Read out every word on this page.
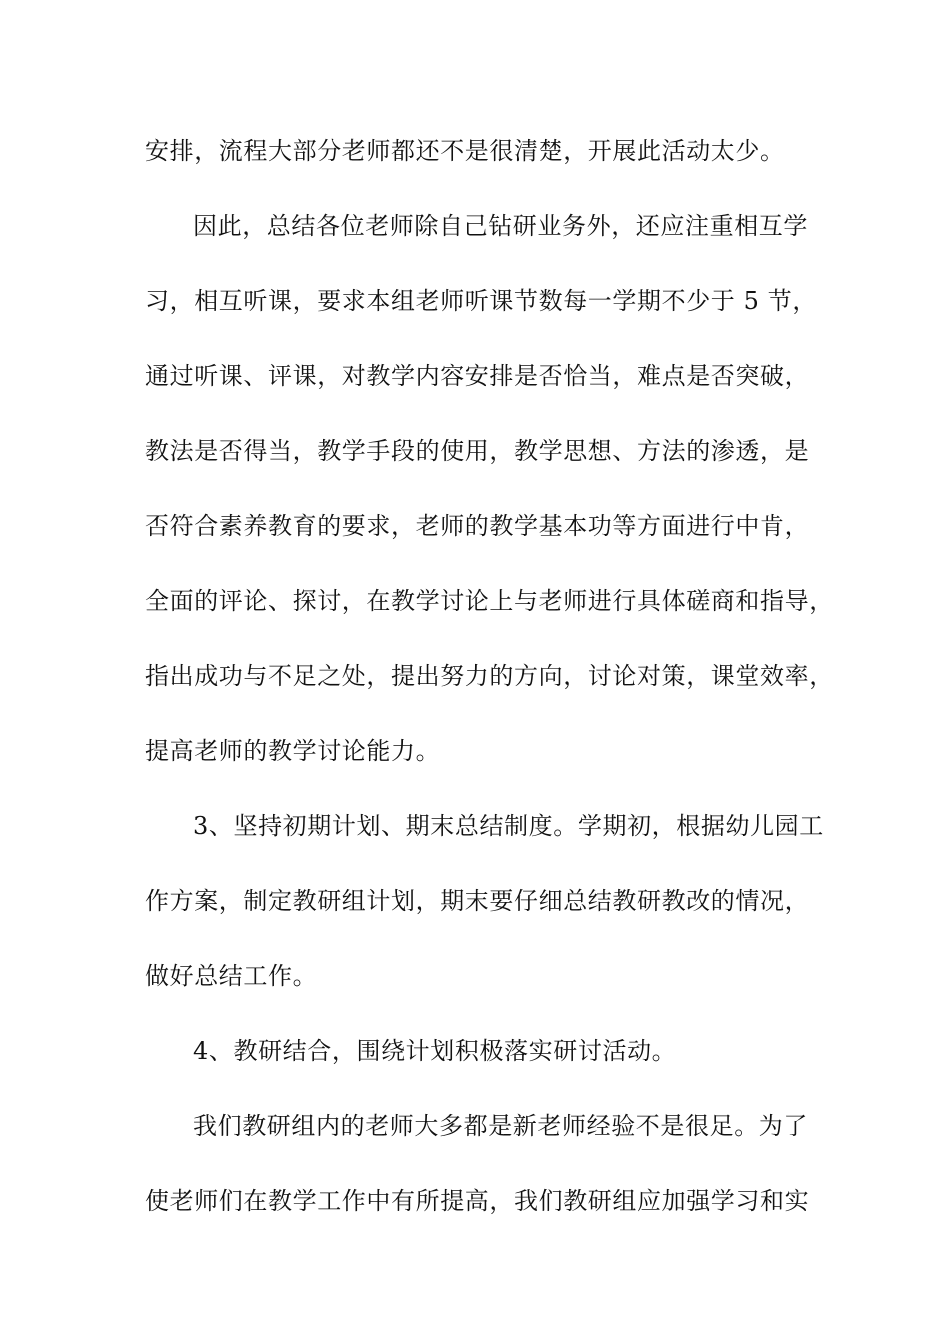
安排，流程大部分老师都还不是很清楚，开展此活动太少。
因此，总结各位老师除自己钻研业务外，还应注重相互学
习，相互听课，要求本组老师听课节数每一学期不少于 5 节，
通过听课、评课，对教学内容安排是否恰当，难点是否突破，
教法是否得当，教学手段的使用，教学思想、方法的渗透，是
否符合素养教育的要求，老师的教学基本功等方面进行中肯，
全面的评论、探讨，在教学讨论上与老师进行具体磋商和指导，
指出成功与不足之处，提出努力的方向，讨论对策，课堂效率，
提高老师的教学讨论能力。
3、坚持初期计划、期末总结制度。学期初，根据幼儿园工
作方案，制定教研组计划，期末要仔细总结教研教改的情况，
做好总结工作。
4、教研结合，围绕计划积极落实研讨活动。
我们教研组内的老师大多都是新老师经验不是很足。为了
使老师们在教学工作中有所提高，我们教研组应加强学习和实
